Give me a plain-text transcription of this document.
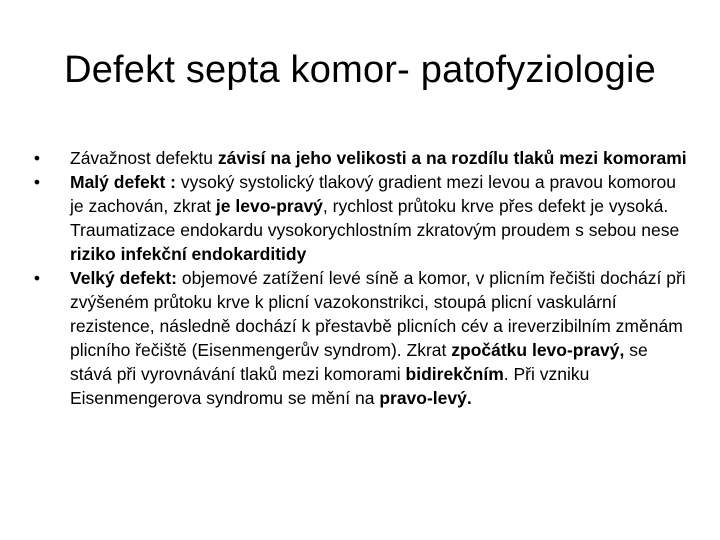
Defekt septa komor- patofyziologie
• Závažnost defektu závisí na jeho velikosti a na rozdílu tlaků mezi komorami
• Malý defekt : vysoký systolický tlakový gradient mezi levou a pravou komorou je zachován, zkrat je levo-pravý, rychlost průtoku krve přes defekt je vysoká. Traumatizace endokardu vysokorychlostním zkratovým proudem s sebou nese riziko infekční endokarditidy
• Velký defekt: objemové zatížení levé síně a komor, v plicním řečišti dochází při zvýšeném průtoku krve k plicní vazokonstrikci, stoupá plicní vaskulární rezistence, následně dochází k přestavbě plicních cév a ireverzibilním změnám plicního řečiště (Eisenmengerův syndrom). Zkrat zpočátku levo-pravý, se stává při vyrovnávání tlaků mezi komorami bidirekčním. Při vzniku Eisenmengerova syndromu se mění na pravo-levý.
